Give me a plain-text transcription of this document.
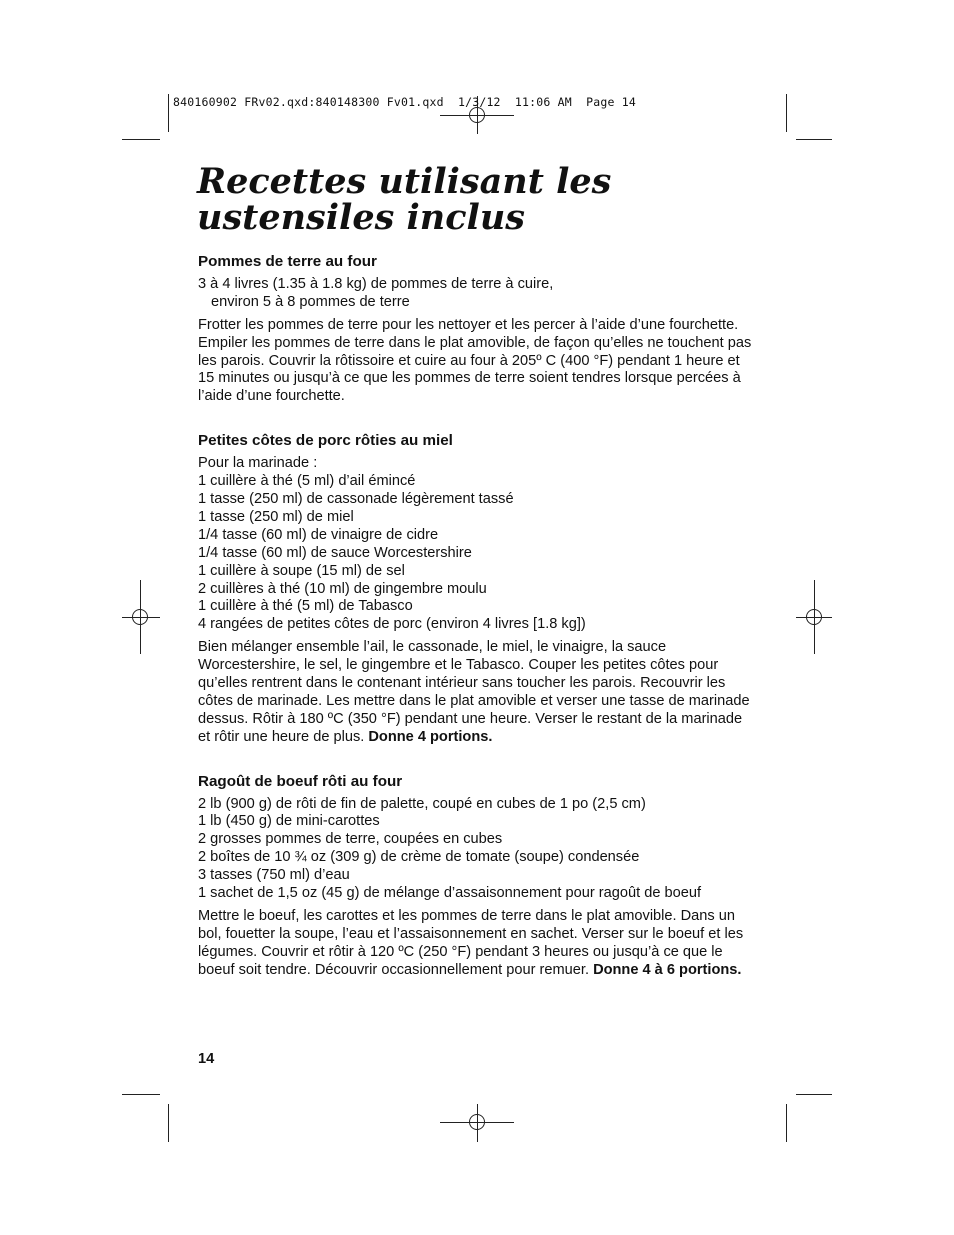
840160902 FRv02.qxd:840148300 Fv01.qxd  1/3/12  11:06 AM  Page 14
Recettes utilisant les
ustensiles inclus
Pommes de terre au four
3 à 4 livres (1.35 à 1.8 kg) de pommes de terre à cuire,
environ 5 à 8 pommes de terre

Frotter les pommes de terre pour les nettoyer et les percer à l’aide d’une fourchette. Empiler les pommes de terre dans le plat amovible, de façon qu’elles ne touchent pas les parois. Couvrir la rôtissoire et cuire au four à 205º C (400 °F) pendant 1 heure et 15 minutes ou jusqu’à ce que les pommes de terre soient tendres lorsque percées à l’aide d’une fourchette.

Petites côtes de porc rôties au miel
Pour la marinade :
1 cuillère à thé (5 ml) d’ail émincé
1 tasse (250 ml) de cassonade légèrement tassé
1 tasse (250 ml) de miel
1/4 tasse (60 ml) de vinaigre de cidre
1/4 tasse (60 ml) de sauce Worcestershire
1 cuillère à soupe (15 ml) de sel
2 cuillères à thé (10 ml) de gingembre moulu
1 cuillère à thé (5 ml) de Tabasco
4 rangées de petites côtes de porc (environ 4 livres [1.8 kg])

Bien mélanger ensemble l’ail, le cassonade, le miel, le vinaigre, la sauce Worcestershire, le sel, le gingembre et le Tabasco. Couper les petites côtes pour qu’elles rentrent dans le contenant intérieur sans toucher les parois. Recouvrir les côtes de marinade. Les mettre dans le plat amovible et verser une tasse de marinade dessus. Rôtir à 180 ºC (350 °F) pendant une heure. Verser le restant de la marinade et rôtir une heure de plus. Donne 4 portions.

Ragoût de boeuf rôti au four
2 lb (900 g) de rôti de fin de palette, coupé en cubes de 1 po (2,5 cm)
1 lb (450 g) de mini-carottes
2 grosses pommes de terre, coupées en cubes
2 boîtes de 10 ¾ oz (309 g) de crème de tomate (soupe) condensée
3 tasses (750 ml) d’eau
1 sachet de 1,5 oz (45 g) de mélange d’assaisonnement pour ragoût de boeuf

Mettre le boeuf, les carottes et les pommes de terre dans le plat amovible. Dans un bol, fouetter la soupe, l’eau et l’assaisonnement en sachet. Verser sur le boeuf et les légumes. Couvrir et rôtir à 120 ºC (250 °F) pendant 3 heures ou jusqu’à ce que le boeuf soit tendre. Découvrir occasionnellement pour remuer. Donne 4 à 6 portions.

14
